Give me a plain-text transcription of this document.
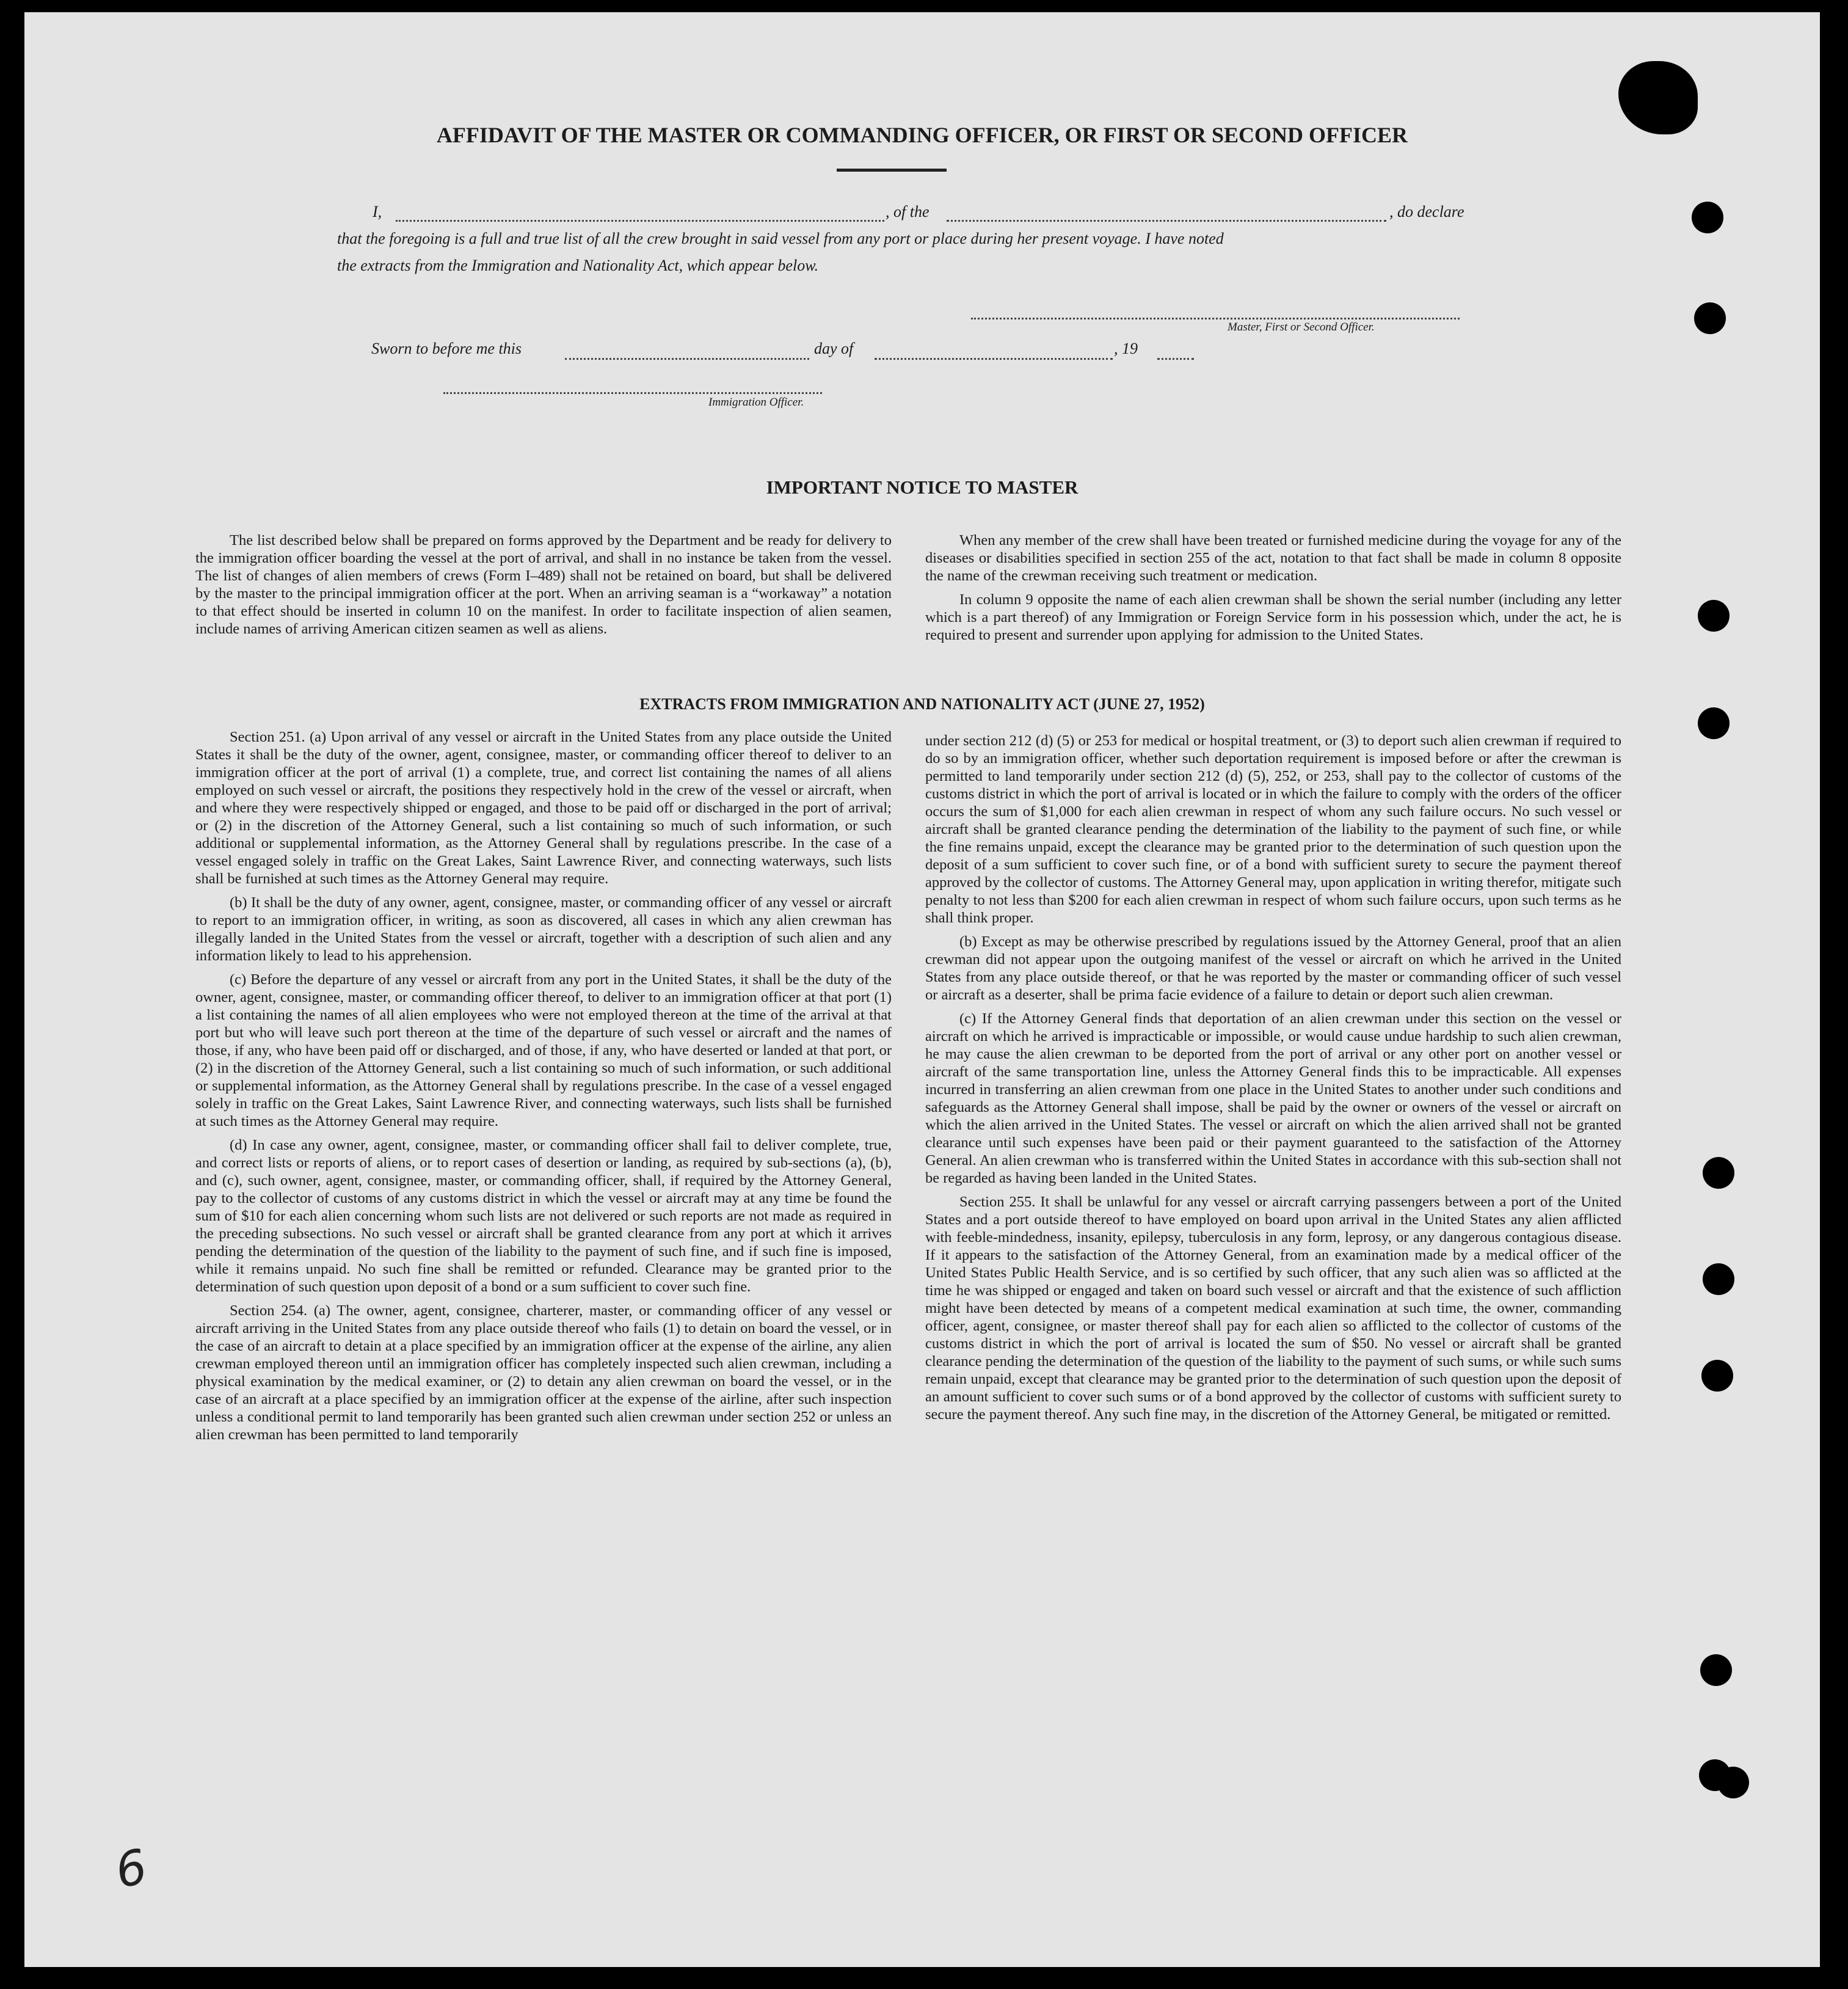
AFFIDAVIT OF THE MASTER OR COMMANDING OFFICER, OR FIRST OR SECOND OFFICER
I,	, of the	, do declare
that the foregoing is a full and true list of all the crew brought in said vessel from any port or place during her present voyage. I have noted
the extracts from the Immigration and Nationality Act, which appear below.
Master, First or Second Officer.
Sworn to before me this	day of	, 19
Immigration Officer.
IMPORTANT NOTICE TO MASTER

The list described below shall be prepared on forms approved by the Department and be ready for delivery to the immigration officer boarding the vessel at the port of arrival, and shall in no instance be taken from the vessel. The list of changes of alien members of crews (Form I–489) shall not be retained on board, but shall be delivered by the master to the principal immigration officer at the port. When an arriving seaman is a “workaway” a notation to that effect should be inserted in column 10 on the manifest. In order to facilitate inspection of alien seamen, include names of arriving American citizen seamen as well as aliens.

When any member of the crew shall have been treated or furnished medicine during the voyage for any of the diseases or disabilities specified in section 255 of the act, notation to that fact shall be made in column 8 opposite the name of the crewman receiving such treatment or medication.

In column 9 opposite the name of each alien crewman shall be shown the serial number (including any letter which is a part thereof) of any Immigration or Foreign Service form in his possession which, under the act, he is required to present and surrender upon applying for admission to the United States.

EXTRACTS FROM IMMIGRATION AND NATIONALITY ACT (JUNE 27, 1952)

Section 251. (a) Upon arrival of any vessel or aircraft in the United States from any place outside the United States it shall be the duty of the owner, agent, consignee, master, or commanding officer thereof to deliver to an immigration officer at the port of arrival (1) a complete, true, and correct list containing the names of all aliens employed on such vessel or aircraft, the positions they respectively hold in the crew of the vessel or aircraft, when and where they were respectively shipped or engaged, and those to be paid off or discharged in the port of arrival; or (2) in the discretion of the Attorney General, such a list containing so much of such information, or such additional or supplemental information, as the Attorney General shall by regulations prescribe. In the case of a vessel engaged solely in traffic on the Great Lakes, Saint Lawrence River, and connecting waterways, such lists shall be furnished at such times as the Attorney General may require.

(b) It shall be the duty of any owner, agent, consignee, master, or commanding officer of any vessel or aircraft to report to an immigration officer, in writing, as soon as discovered, all cases in which any alien crewman has illegally landed in the United States from the vessel or aircraft, together with a description of such alien and any information likely to lead to his apprehension.

(c) Before the departure of any vessel or aircraft from any port in the United States, it shall be the duty of the owner, agent, consignee, master, or commanding officer thereof, to deliver to an immigration officer at that port (1) a list containing the names of all alien employees who were not employed thereon at the time of the arrival at that port but who will leave such port thereon at the time of the departure of such vessel or aircraft and the names of those, if any, who have been paid off or discharged, and of those, if any, who have deserted or landed at that port, or (2) in the discretion of the Attorney General, such a list containing so much of such information, or such additional or supplemental information, as the Attorney General shall by regulations prescribe. In the case of a vessel engaged solely in traffic on the Great Lakes, Saint Lawrence River, and connecting waterways, such lists shall be furnished at such times as the Attorney General may require.

(d) In case any owner, agent, consignee, master, or commanding officer shall fail to deliver complete, true, and correct lists or reports of aliens, or to report cases of desertion or landing, as required by sub-sections (a), (b), and (c), such owner, agent, consignee, master, or commanding officer, shall, if required by the Attorney General, pay to the collector of customs of any customs district in which the vessel or aircraft may at any time be found the sum of $10 for each alien concerning whom such lists are not delivered or such reports are not made as required in the preceding subsections. No such vessel or aircraft shall be granted clearance from any port at which it arrives pending the determination of the question of the liability to the payment of such fine, and if such fine is imposed, while it remains unpaid. No such fine shall be remitted or refunded. Clearance may be granted prior to the determination of such question upon deposit of a bond or a sum sufficient to cover such fine.

Section 254. (a) The owner, agent, consignee, charterer, master, or commanding officer of any vessel or aircraft arriving in the United States from any place outside thereof who fails (1) to detain on board the vessel, or in the case of an aircraft to detain at a place specified by an immigration officer at the expense of the airline, any alien crewman employed thereon until an immigration officer has completely inspected such alien crewman, including a physical examination by the medical examiner, or (2) to detain any alien crewman on board the vessel, or in the case of an aircraft at a place specified by an immigration officer at the expense of the airline, after such inspection unless a conditional permit to land temporarily has been granted such alien crewman under section 252 or unless an alien crewman has been permitted to land temporarily

under section 212 (d) (5) or 253 for medical or hospital treatment, or (3) to deport such alien crewman if required to do so by an immigration officer, whether such deportation requirement is imposed before or after the crewman is permitted to land temporarily under section 212 (d) (5), 252, or 253, shall pay to the collector of customs of the customs district in which the port of arrival is located or in which the failure to comply with the orders of the officer occurs the sum of $1,000 for each alien crewman in respect of whom any such failure occurs. No such vessel or aircraft shall be granted clearance pending the determination of the liability to the payment of such fine, or while the fine remains unpaid, except the clearance may be granted prior to the determination of such question upon the deposit of a sum sufficient to cover such fine, or of a bond with sufficient surety to secure the payment thereof approved by the collector of customs. The Attorney General may, upon application in writing therefor, mitigate such penalty to not less than $200 for each alien crewman in respect of whom such failure occurs, upon such terms as he shall think proper.

(b) Except as may be otherwise prescribed by regulations issued by the Attorney General, proof that an alien crewman did not appear upon the outgoing manifest of the vessel or aircraft on which he arrived in the United States from any place outside thereof, or that he was reported by the master or commanding officer of such vessel or aircraft as a deserter, shall be prima facie evidence of a failure to detain or deport such alien crewman.

(c) If the Attorney General finds that deportation of an alien crewman under this section on the vessel or aircraft on which he arrived is impracticable or impossible, or would cause undue hardship to such alien crewman, he may cause the alien crewman to be deported from the port of arrival or any other port on another vessel or aircraft of the same transportation line, unless the Attorney General finds this to be impracticable. All expenses incurred in transferring an alien crewman from one place in the United States to another under such conditions and safeguards as the Attorney General shall impose, shall be paid by the owner or owners of the vessel or aircraft on which the alien arrived in the United States. The vessel or aircraft on which the alien arrived shall not be granted clearance until such expenses have been paid or their payment guaranteed to the satisfaction of the Attorney General. An alien crewman who is transferred within the United States in accordance with this sub-section shall not be regarded as having been landed in the United States.

Section 255. It shall be unlawful for any vessel or aircraft carrying passengers between a port of the United States and a port outside thereof to have employed on board upon arrival in the United States any alien afflicted with feeble-mindedness, insanity, epilepsy, tuberculosis in any form, leprosy, or any dangerous contagious disease. If it appears to the satisfaction of the Attorney General, from an examination made by a medical officer of the United States Public Health Service, and is so certified by such officer, that any such alien was so afflicted at the time he was shipped or engaged and taken on board such vessel or aircraft and that the existence of such affliction might have been detected by means of a competent medical examination at such time, the owner, commanding officer, agent, consignee, or master thereof shall pay for each alien so afflicted to the collector of customs of the customs district in which the port of arrival is located the sum of $50. No vessel or aircraft shall be granted clearance pending the determination of the question of the liability to the payment of such sums, or while such sums remain unpaid, except that clearance may be granted prior to the determination of such question upon the deposit of an amount sufficient to cover such sums or of a bond approved by the collector of customs with sufficient surety to secure the payment thereof. Any such fine may, in the discretion of the Attorney General, be mitigated or remitted.

6
